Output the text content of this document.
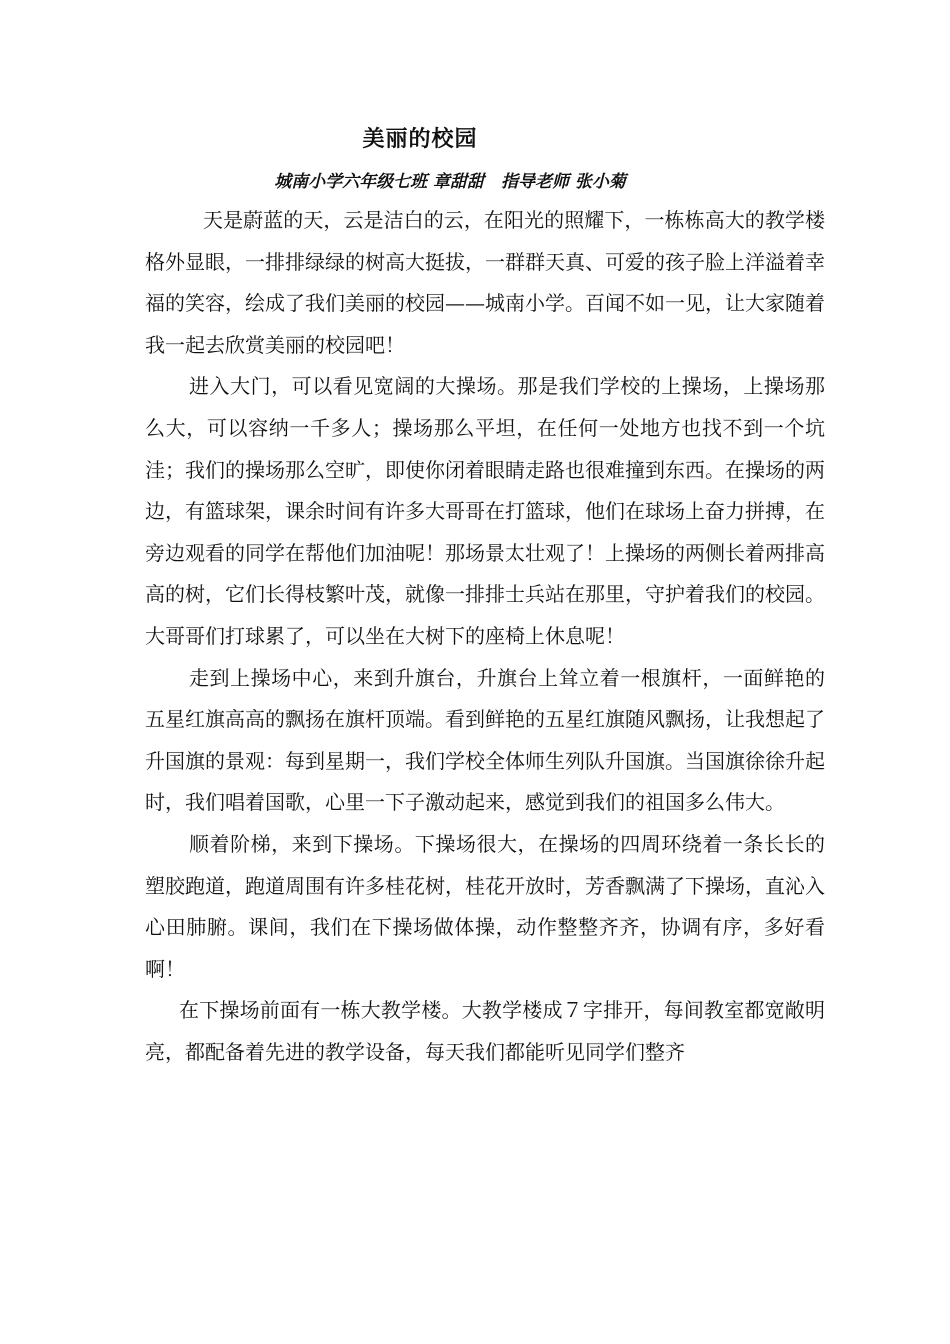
美丽的校园
城南小学六年级七班 章甜甜　指导老师 张小菊

天是蔚蓝的天，云是洁白的云，在阳光的照耀下，一栋栋高大的教学楼格外显眼，一排排绿绿的树高大挺拔，一群群天真、可爱的孩子脸上洋溢着幸福的笑容，绘成了我们美丽的校园——城南小学。百闻不如一见，让大家随着我一起去欣赏美丽的校园吧！

进入大门，可以看见宽阔的大操场。那是我们学校的上操场，上操场那么大，可以容纳一千多人；操场那么平坦，在任何一处地方也找不到一个坑洼；我们的操场那么空旷，即使你闭着眼睛走路也很难撞到东西。在操场的两边，有篮球架，课余时间有许多大哥哥在打篮球，他们在球场上奋力拼搏，在旁边观看的同学在帮他们加油呢！那场景太壮观了！上操场的两侧长着两排高高的树，它们长得枝繁叶茂，就像一排排士兵站在那里，守护着我们的校园。大哥哥们打球累了，可以坐在大树下的座椅上休息呢！

走到上操场中心，来到升旗台，升旗台上耸立着一根旗杆，一面鲜艳的五星红旗高高的飘扬在旗杆顶端。看到鲜艳的五星红旗随风飘扬，让我想起了升国旗的景观：每到星期一，我们学校全体师生列队升国旗。当国旗徐徐升起时，我们唱着国歌，心里一下子激动起来，感觉到我们的祖国多么伟大。

顺着阶梯，来到下操场。下操场很大，在操场的四周环绕着一条长长的塑胶跑道，跑道周围有许多桂花树，桂花开放时，芳香飘满了下操场，直沁入心田肺腑。课间，我们在下操场做体操，动作整整齐齐，协调有序，多好看啊！

在下操场前面有一栋大教学楼。大教学楼成７字排开，每间教室都宽敞明亮，都配备着先进的教学设备，每天我们都能听见同学们整齐
